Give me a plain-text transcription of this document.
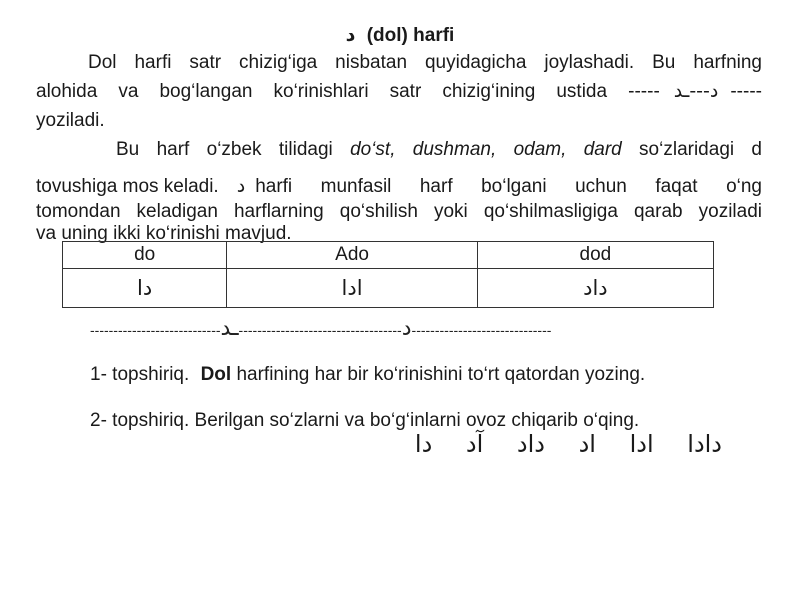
د (dol) harfi
Dol harfi satr chizig‘iga nisbatan quyidagicha joylashadi. Bu harfning
alohida va bog‘langan ko‘rinishlari satr chizig‘ining ustida ----- د---ـد -----
yoziladi.
Bu harf o‘zbek tilidagi do‘st, dushman, odam, dard so‘zlaridagi d
tovushiga mos keladi. د harfi munfasil harf bo‘lgani uchun faqat o‘ng
tomondan keladigan harflarning qo‘shilish yoki qo‘shilmasligiga qarab yoziladi
va uning ikki ko‘rinishi mavjud.
do	Ado	dod
دا	ادا	داد
----------------------------ـد-----------------------------------د------------------------------
1- topshiriq. Dol harfining har bir ko‘rinishini to‘rt qatordan yozing.
2- topshiriq. Berilgan so‘zlarni va bo‘g‘inlarni ovoz chiqarib o‘qing.
دادا ادا اد داد آد دا
